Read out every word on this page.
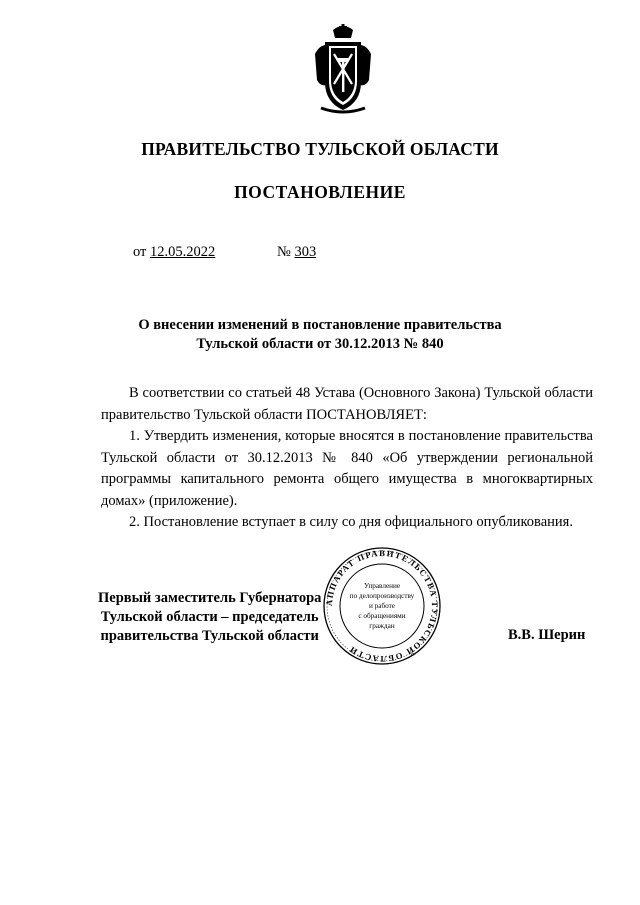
ПРАВИТЕЛЬСТВО ТУЛЬСКОЙ ОБЛАСТИ
ПОСТАНОВЛЕНИЕ
от 12.05.2022	№ 303
О внесении изменений в постановление правительства
Тульской области от 30.12.2013 № 840

В соответствии со статьей 48 Устава (Основного Закона) Тульской области правительство Тульской области ПОСТАНОВЛЯЕТ:

1. Утвердить изменения, которые вносятся в постановление правительства Тульской области от 30.12.2013 № 840 «Об утверждении региональной программы капитального ремонта общего имущества в многоквартирных домах» (приложение).

2. Постановление вступает в силу со дня официального опубликования.

Первый заместитель Губернатора
Тульской области – председатель
правительства Тульской области	В.В. Шерин
АППАРАТ ПРАВИТЕЛЬСТВА ТУЛЬСКОЙ ОБЛАСТИ
Управление
по делопроизводству
и работе
с обращениями
граждан
